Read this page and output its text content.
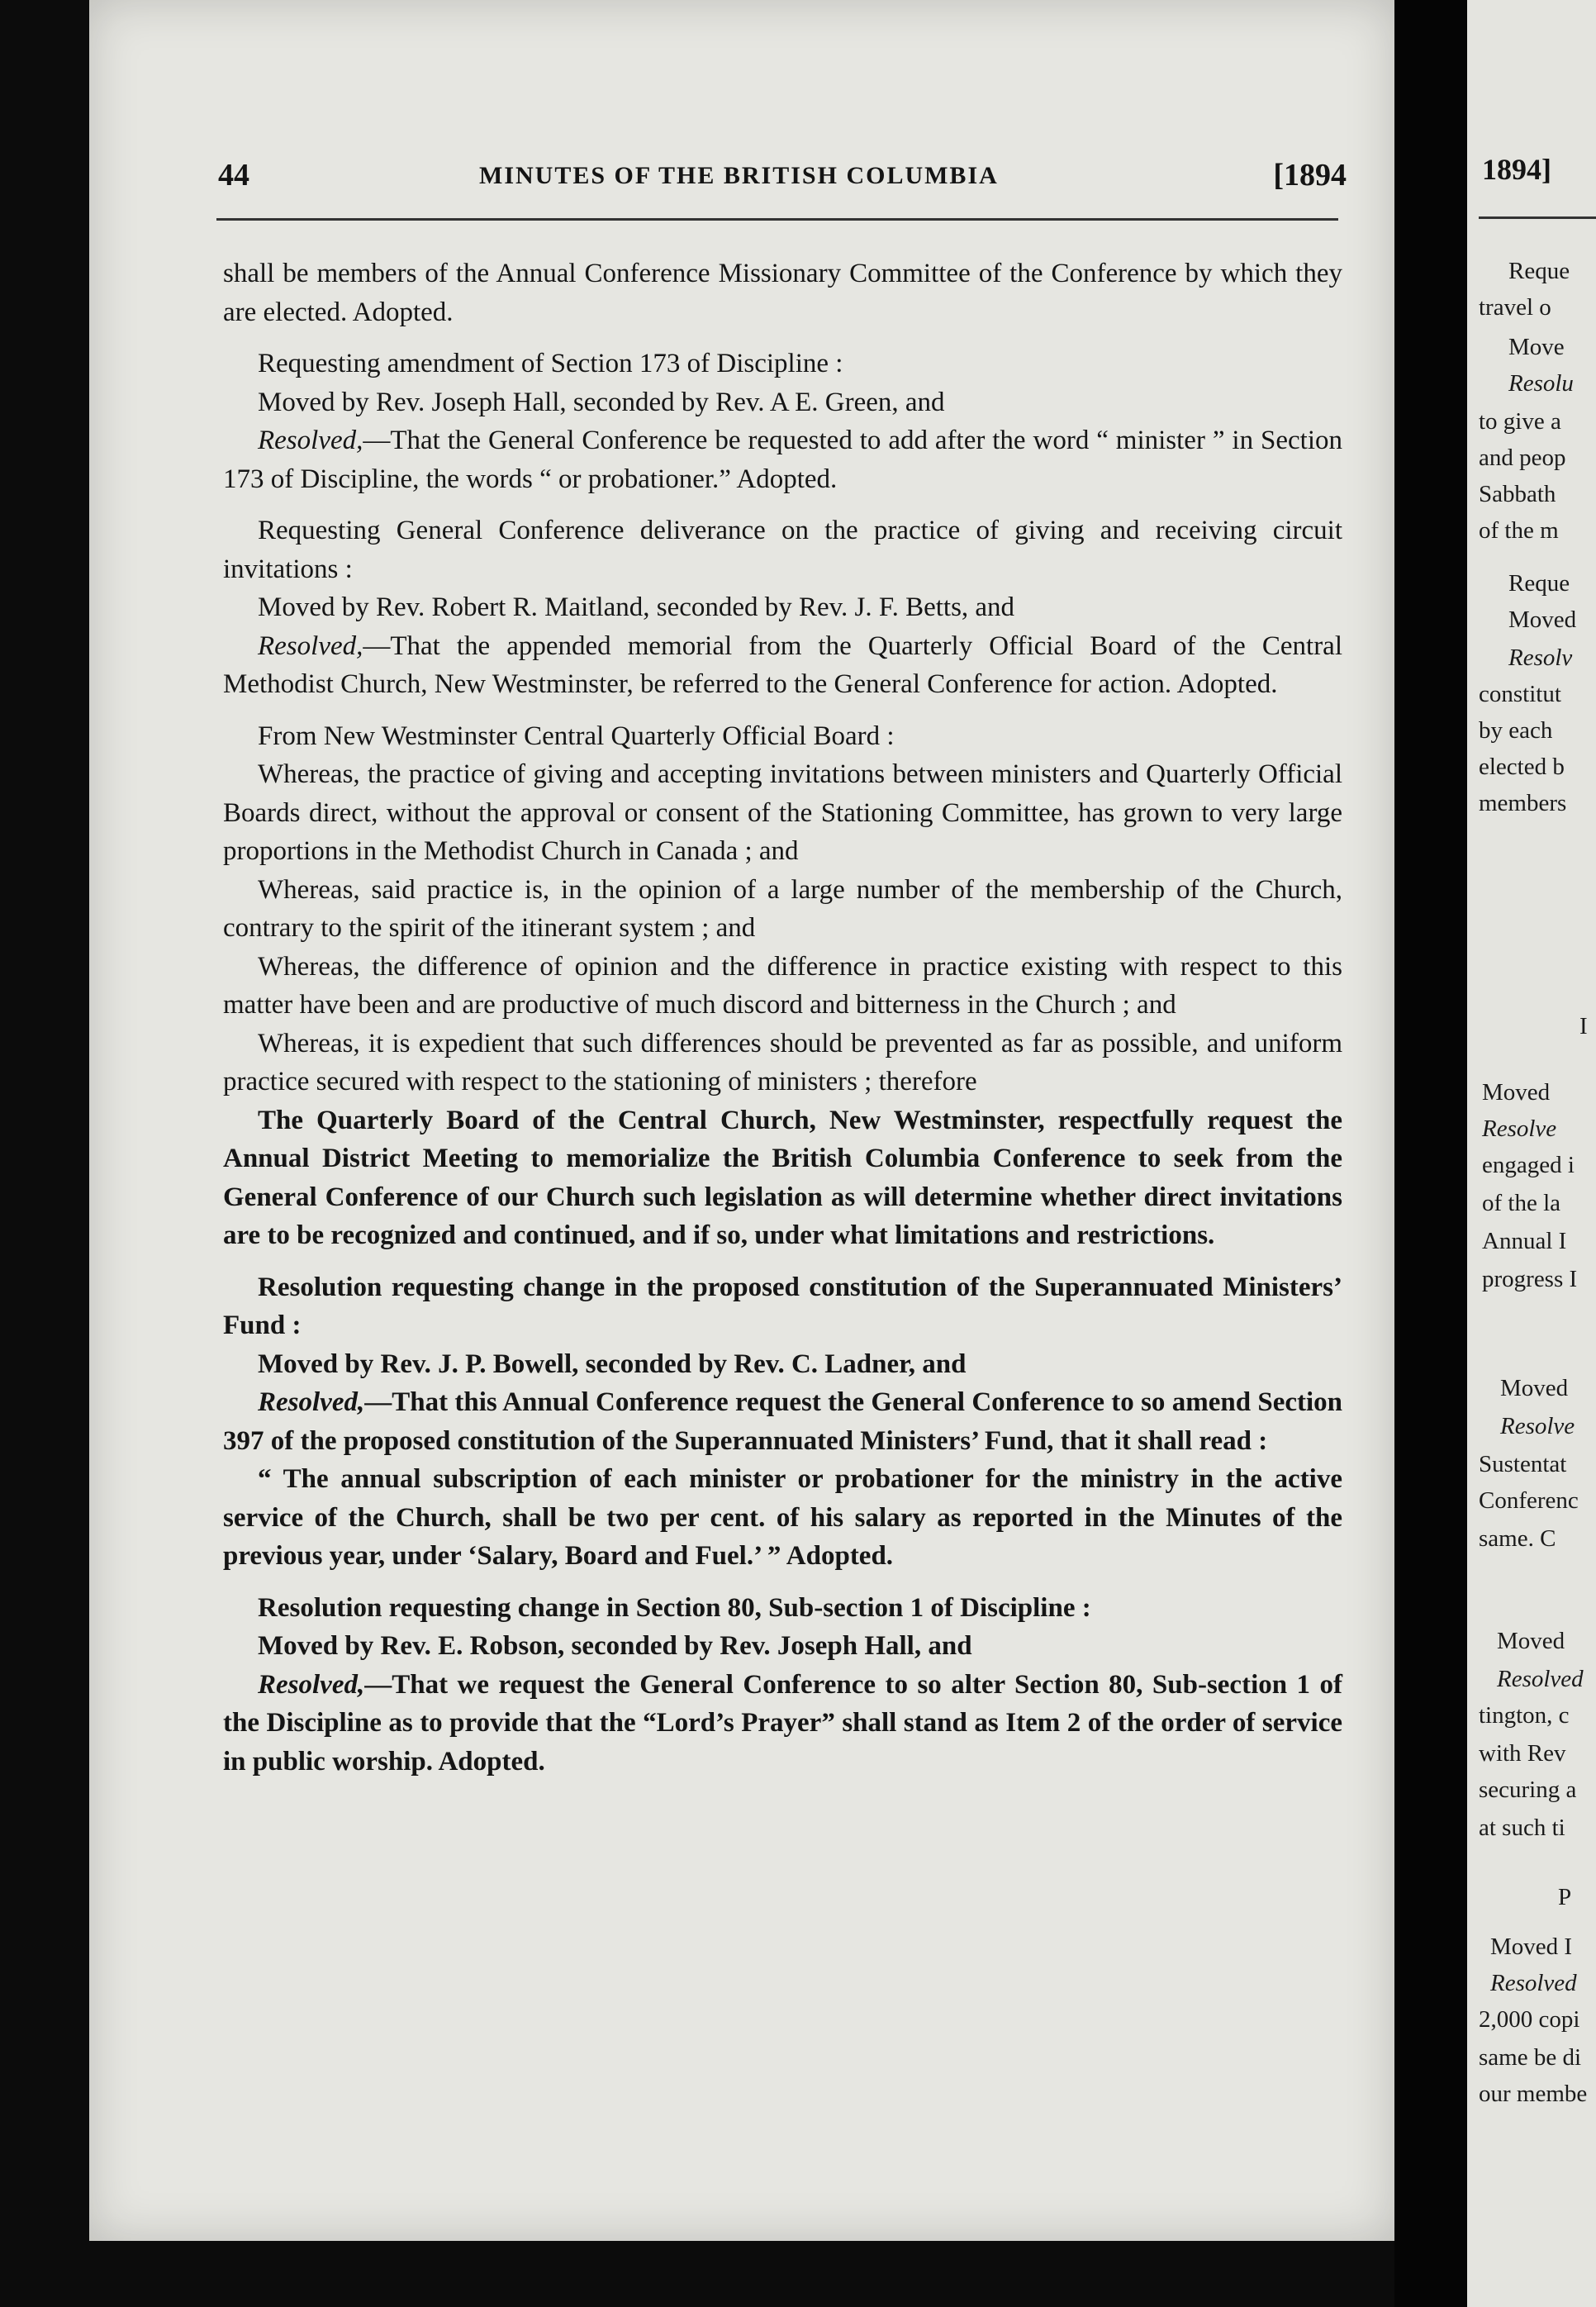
44	MINUTES OF THE BRITISH COLUMBIA	[1894

shall be members of the Annual Conference Missionary Committee of the Conference by which they are elected. Adopted.

Requesting amendment of Section 173 of Discipline :

Moved by Rev. Joseph Hall, seconded by Rev. A E. Green, and

Resolved,—That the General Conference be requested to add after the word “ minister ” in Section 173 of Discipline, the words “ or probationer.” Adopted.

Requesting General Conference deliverance on the practice of giving and receiving circuit invitations :

Moved by Rev. Robert R. Maitland, seconded by Rev. J. F. Betts, and

Resolved,—That the appended memorial from the Quarterly Official Board of the Central Methodist Church, New Westminster, be referred to the General Conference for action. Adopted.

From New Westminster Central Quarterly Official Board :

Whereas, the practice of giving and accepting invitations between ministers and Quarterly Official Boards direct, without the approval or consent of the Stationing Committee, has grown to very large proportions in the Methodist Church in Canada ; and

Whereas, said practice is, in the opinion of a large number of the membership of the Church, contrary to the spirit of the itinerant system ; and

Whereas, the difference of opinion and the difference in practice existing with respect to this matter have been and are productive of much discord and bitterness in the Church ; and

Whereas, it is expedient that such differences should be prevented as far as possible, and uniform practice secured with respect to the stationing of ministers ; therefore

The Quarterly Board of the Central Church, New Westminster, respectfully request the Annual District Meeting to memorialize the British Columbia Conference to seek from the General Conference of our Church such legislation as will determine whether direct invitations are to be recognized and continued, and if so, under what limitations and restrictions.

Resolution requesting change in the proposed constitution of the Superannuated Ministers’ Fund :

Moved by Rev. J. P. Bowell, seconded by Rev. C. Ladner, and

Resolved,—That this Annual Conference request the General Conference to so amend Section 397 of the proposed constitution of the Superannuated Ministers’ Fund, that it shall read :

“ The annual subscription of each minister or probationer for the ministry in the active service of the Church, shall be two per cent. of his salary as reported in the Minutes of the previous year, under ‘Salary, Board and Fuel.’ ” Adopted.

Resolution requesting change in Section 80, Sub-section 1 of Discipline :

Moved by Rev. E. Robson, seconded by Rev. Joseph Hall, and

Resolved,—That we request the General Conference to so alter Section 80, Sub-section 1 of the Discipline as to provide that the “Lord’s Prayer” shall stand as Item 2 of the order of service in public worship. Adopted.

1894]
Reque
travel o
Move
Resolu
to give a
and peop
Sabbath
of the m
Reque
Moved
Resolv
constitut
by each
elected b
members
I
Moved
Resolve
engaged i
of the la
Annual I
progress I
Moved
Resolve
Sustentat
Conferenc
same. C
Moved
Resolved
tington, c
with Rev
securing a
at such ti
P
Moved I
Resolved
2,000 copi
same be di
our membe
